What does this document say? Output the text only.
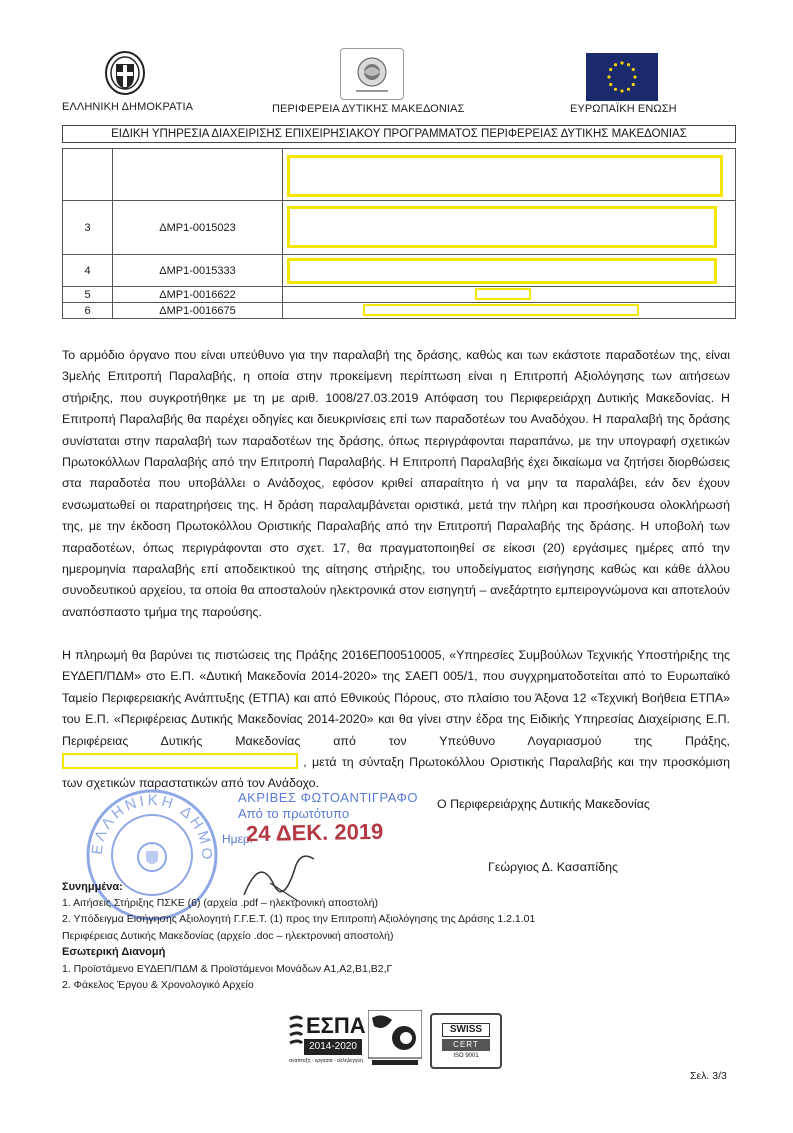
ΕΛΛΗΝΙΚΗ ΔΗΜΟΚΡΑΤΙΑ	ΠΕΡΙΦΕΡΕΙΑ ΔΥΤΙΚΗΣ ΜΑΚΕΔΟΝΙΑΣ	ΕΥΡΩΠΑΪΚΗ ΕΝΩΣΗ
ΕΙΔΙΚΗ ΥΠΗΡΕΣΙΑ ΔΙΑΧΕΙΡΙΣΗΣ ΕΠΙΧΕΙΡΗΣΙΑΚΟΥ ΠΡΟΓΡΑΜΜΑΤΟΣ ΠΕΡΙΦΕΡΕΙΑΣ ΔΥΤΙΚΗΣ ΜΑΚΕΔΟΝΙΑΣ

3	ΔΜΡ1-0015023	

4	ΔΜΡ1-0015333	

5	ΔΜΡ1-0016622	

6	ΔΜΡ1-0016675	

Το αρμόδιο όργανο που είναι υπεύθυνο για την παραλαβή της δράσης, καθώς και των εκάστοτε παραδοτέων της, είναι 3μελής Επιτροπή Παραλαβής, η οποία στην προκείμενη περίπτωση είναι η Επιτροπή Αξιολόγησης των αιτήσεων στήριξης, που συγκροτήθηκε με τη με αριθ. 1008/27.03.2019 Απόφαση του Περιφερειάρχη Δυτικής Μακεδονίας. Η Επιτροπή Παραλαβής θα παρέχει οδηγίες και διευκρινίσεις επί των παραδοτέων του Αναδόχου. Η παραλαβή της δράσης συνίσταται στην παραλαβή των παραδοτέων της δράσης, όπως περιγράφονται παραπάνω, με την υπογραφή σχετικών Πρωτοκόλλων Παραλαβής από την Επιτροπή Παραλαβής. Η Επιτροπή Παραλαβής έχει δικαίωμα να ζητήσει διορθώσεις στα παραδοτέα που υποβάλλει ο Ανάδοχος, εφόσον κριθεί απαραίτητο ή να μην τα παραλάβει, εάν δεν έχουν ενσωματωθεί οι παρατηρήσεις της. Η δράση παραλαμβάνεται οριστικά, μετά την πλήρη και προσήκουσα ολοκλήρωσή της, με την έκδοση Πρωτοκόλλου Οριστικής Παραλαβής από την Επιτροπή Παραλαβής της δράσης. Η υποβολή των παραδοτέων, όπως περιγράφονται στο σχετ. 17, θα πραγματοποιηθεί σε είκοσι (20) εργάσιμες ημέρες από την ημερομηνία παραλαβής επί αποδεικτικού της αίτησης στήριξης, του υποδείγματος εισήγησης καθώς και κάθε άλλου συνοδευτικού αρχείου, τα οποία θα αποσταλούν ηλεκτρονικά στον εισηγητή – ανεξάρτητο εμπειρογνώμονα και αποτελούν αναπόσπαστο τμήμα της παρούσης.

Η πληρωμή θα βαρύνει τις πιστώσεις της Πράξης 2016ΕΠ00510005, «Υπηρεσίες Συμβούλων Τεχνικής Υποστήριξης της ΕΥΔΕΠ/ΠΔΜ» στο Ε.Π. «Δυτική Μακεδονία 2014-2020» της ΣΑΕΠ 005/1, που συγχρηματοδοτείται από το Ευρωπαϊκό Ταμείο Περιφερειακής Ανάπτυξης (ΕΤΠΑ) και από Εθνικούς Πόρους, στο πλαίσιο του Άξονα 12 «Τεχνική Βοήθεια ΕΤΠΑ» του Ε.Π. «Περιφέρειας Δυτικής Μακεδονίας 2014-2020» και θα γίνει στην έδρα της Ειδικής Υπηρεσίας Διαχείρισης Ε.Π. Περιφέρειας Δυτικής Μακεδονίας από τον Υπεύθυνο Λογαριασμού της Πράξης,  , μετά τη σύνταξη Πρωτοκόλλου Οριστικής Παραλαβής και την προσκόμιση των σχετικών παραστατικών από τον Ανάδοχο.

ΕΛΛΗΝΙΚΗ ΔΗΜΟ
ΑΚΡΙΒΕΣ ΦΩΤΟΑΝΤΙΓΡΑΦΟ
Από το πρωτότυπο
Ημερ.
24 ΔΕΚ. 2019
Ο Περιφερειάρχης Δυτικής Μακεδονίας
Γεώργιος Δ. Κασαπίδης
Συνημμένα:
1. Αιτήσεις Στήριξης ΠΣΚΕ (6) (αρχεία .pdf – ηλεκτρονική αποστολή)
2. Υπόδειγμα Εισήγησης Αξιολογητή Γ.Γ.Ε.Τ. (1) προς την Επιτροπή Αξιολόγησης της Δράσης 1.2.1.01
Περιφέρειας Δυτικής Μακεδονίας (αρχείο .doc – ηλεκτρονική αποστολή)
Εσωτερική Διανομή
1. Προϊστάμενο ΕΥΔΕΠ/ΠΔΜ & Προϊστάμενοι Μονάδων Α1,Α2,Β1,Β2,Γ
2. Φάκελος Έργου & Χρονολογικό Αρχείο
ΕΣΠΑ
2014-2020
ανάπτυξη - εργασία - αλληλεγγύη
SWISS
CERT
ISO 9001
Σελ. 3/3
